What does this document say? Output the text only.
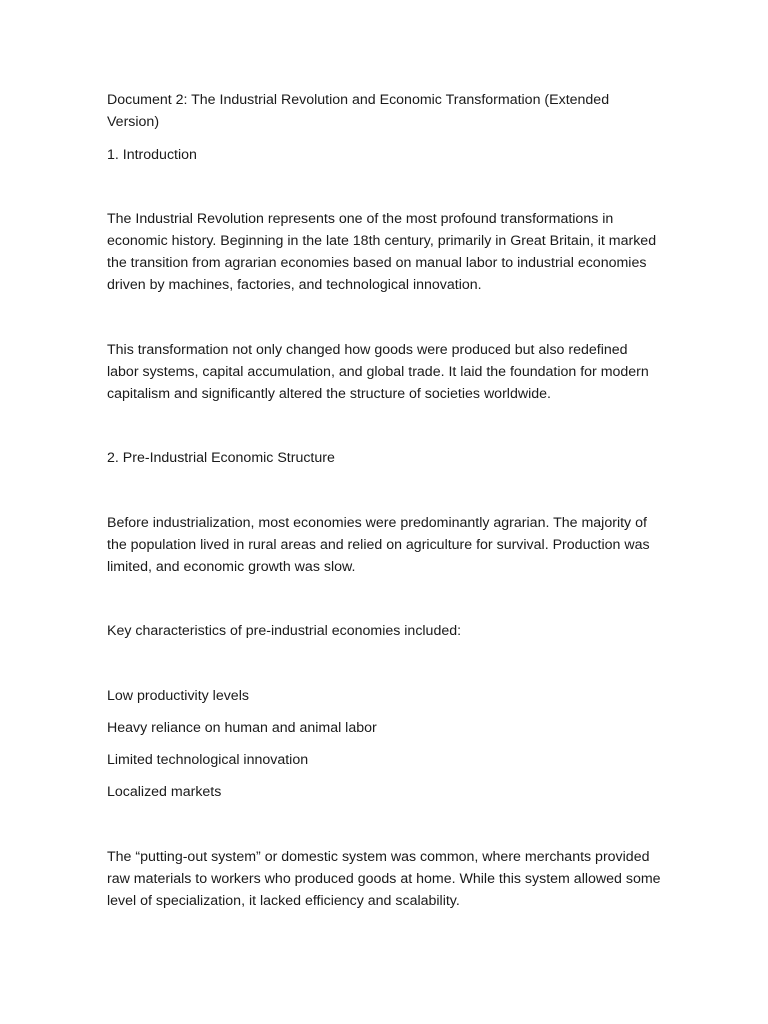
Document 2: The Industrial Revolution and Economic Transformation (Extended Version)
1. Introduction
The Industrial Revolution represents one of the most profound transformations in economic history. Beginning in the late 18th century, primarily in Great Britain, it marked the transition from agrarian economies based on manual labor to industrial economies driven by machines, factories, and technological innovation.
This transformation not only changed how goods were produced but also redefined labor systems, capital accumulation, and global trade. It laid the foundation for modern capitalism and significantly altered the structure of societies worldwide.
2. Pre-Industrial Economic Structure
Before industrialization, most economies were predominantly agrarian. The majority of the population lived in rural areas and relied on agriculture for survival. Production was limited, and economic growth was slow.
Key characteristics of pre-industrial economies included:
Low productivity levels
Heavy reliance on human and animal labor
Limited technological innovation
Localized markets
The “putting-out system” or domestic system was common, where merchants provided raw materials to workers who produced goods at home. While this system allowed some level of specialization, it lacked efficiency and scalability.
